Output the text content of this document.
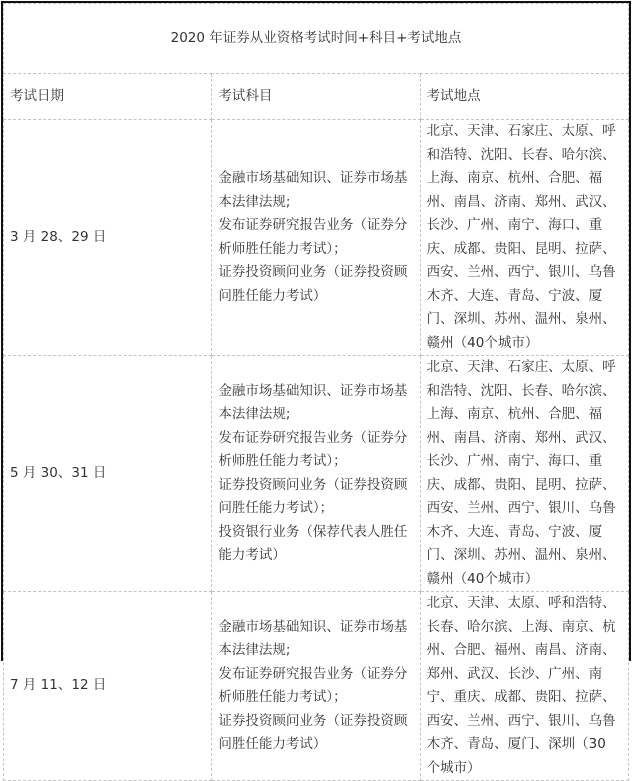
2020 年证券从业资格考试时间+科目+考试地点		
考试日期	考试科目	考试地点
3 月 28、29 日	金融市场基础知识、证券市场基本法律法规;
发布证券研究报告业务（证券分析师胜任能力考试）；
证券投资顾问业务（证券投资顾问胜任能力考试）	北京、天津、石家庄、太原、呼和浩特、沈阳、长春、哈尔滨、上海、南京、杭州、合肥、福州、南昌、济南、郑州、武汉、长沙、广州、南宁、海口、重庆、成都、贵阳、昆明、拉萨、西安、兰州、西宁、银川、乌鲁木齐、大连、青岛、宁波、厦门、深圳、苏州、温州、泉州、赣州（40个城市）
5 月 30、31 日	金融市场基础知识、证券市场基本法律法规;
发布证券研究报告业务（证券分析师胜任能力考试）；
证券投资顾问业务（证券投资顾问胜任能力考试）；
投资银行业务（保荐代表人胜任能力考试）	北京、天津、石家庄、太原、呼和浩特、沈阳、长春、哈尔滨、上海、南京、杭州、合肥、福州、南昌、济南、郑州、武汉、长沙、广州、南宁、海口、重庆、成都、贵阳、昆明、拉萨、西安、兰州、西宁、银川、乌鲁木齐、大连、青岛、宁波、厦门、深圳、苏州、温州、泉州、赣州（40个城市）
7 月 11、12 日	金融市场基础知识、证券市场基本法律法规;
发布证券研究报告业务（证券分析师胜任能力考试）；
证券投资顾问业务（证券投资顾问胜任能力考试）	北京、天津、太原、呼和浩特、长春、哈尔滨、上海、南京、杭州、合肥、福州、南昌、济南、郑州、武汉、长沙、广州、南宁、重庆、成都、贵阳、拉萨、西安、兰州、西宁、银川、乌鲁木齐、青岛、厦门、深圳（30 个城市）
